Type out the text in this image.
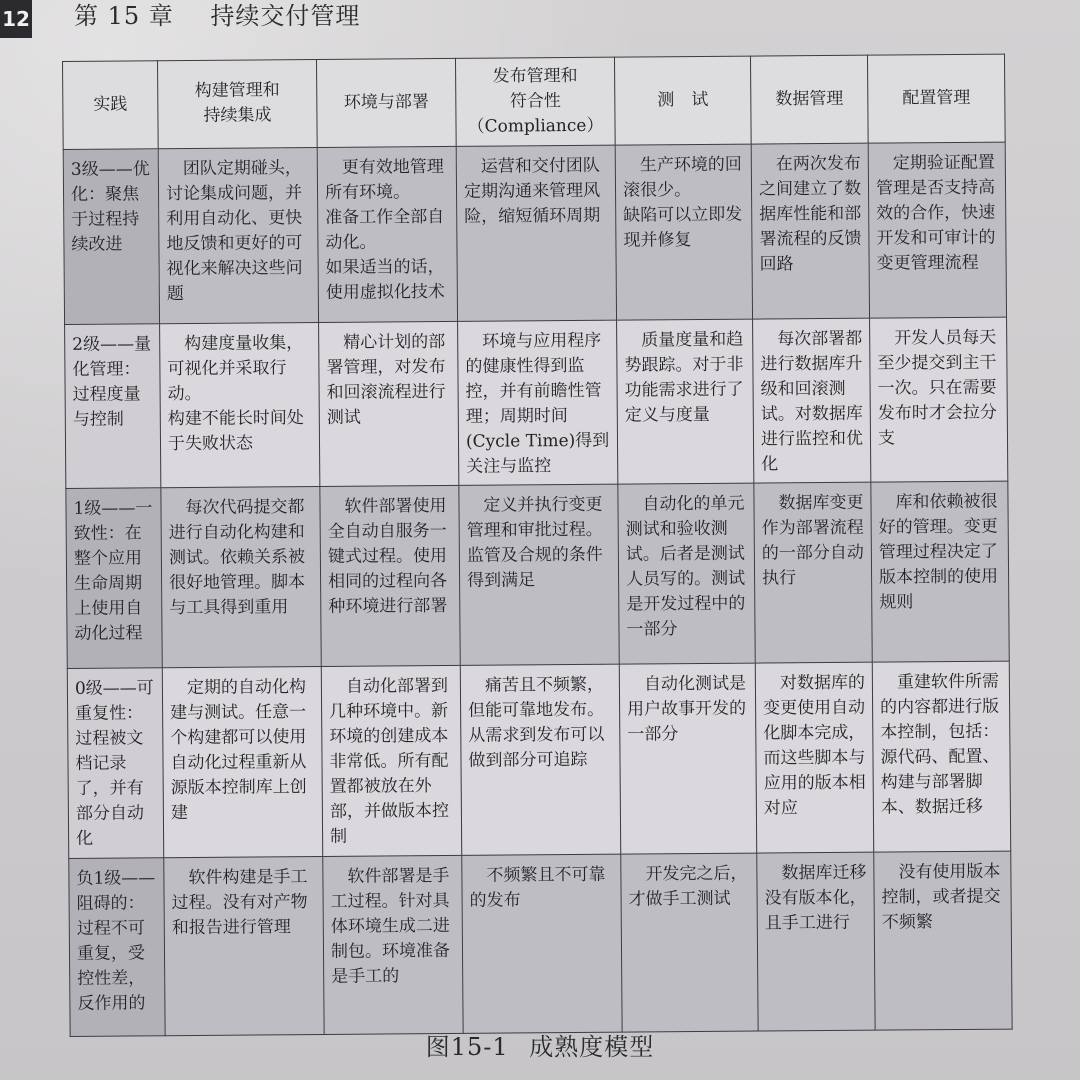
12 第 15 章 持续交付管理
实践	构建管理和
持续集成	环境与部署	发布管理和
符合性
（Compliance）	测　试	数据管理	配置管理

3级——优化：聚焦于过程持续改进	团队定期碰头，讨论集成问题，并利用自动化、更快地反馈和更好的可视化来解决这些问题	更有效地管理所有环境。
准备工作全部自动化。
如果适当的话，使用虚拟化技术	运营和交付团队定期沟通来管理风险，缩短循环周期	生产环境的回滚很少。
缺陷可以立即发现并修复	在两次发布之间建立了数据库性能和部署流程的反馈回路	定期验证配置管理是否支持高效的合作，快速开发和可审计的变更管理流程

2级——量化管理：过程度量与控制	构建度量收集，可视化并采取行动。
构建不能长时间处于失败状态	精心计划的部署管理，对发布和回滚流程进行测试	环境与应用程序的健康性得到监控，并有前瞻性管理；周期时间(Cycle Time)得到关注与监控	质量度量和趋势跟踪。对于非功能需求进行了定义与度量	每次部署都进行数据库升级和回滚测试。对数据库进行监控和优化	开发人员每天至少提交到主干一次。只在需要发布时才会拉分支

1级——一致性：在整个应用生命周期上使用自动化过程	每次代码提交都进行自动化构建和测试。依赖关系被很好地管理。脚本与工具得到重用	软件部署使用全自动自服务一键式过程。使用相同的过程向各种环境进行部署	定义并执行变更管理和审批过程。监管及合规的条件得到满足	自动化的单元测试和验收测试。后者是测试人员写的。测试是开发过程中的一部分	数据库变更作为部署流程的一部分自动执行	库和依赖被很好的管理。变更管理过程决定了版本控制的使用规则

0级——可重复性：过程被文档记录了，并有部分自动化	定期的自动化构建与测试。任意一个构建都可以使用自动化过程重新从源版本控制库上创建	自动化部署到几种环境中。新环境的创建成本非常低。所有配置都被放在外部，并做版本控制	痛苦且不频繁，但能可靠地发布。从需求到发布可以做到部分可追踪	自动化测试是用户故事开发的一部分	对数据库的变更使用自动化脚本完成，而这些脚本与应用的版本相对应	重建软件所需的内容都进行版本控制，包括：源代码、配置、构建与部署脚本、数据迁移

负1级——阻碍的：过程不可重复，受控性差，反作用的	软件构建是手工过程。没有对产物和报告进行管理	软件部署是手工过程。针对具体环境生成二进制包。环境准备是手工的	不频繁且不可靠的发布	开发完之后，才做手工测试	数据库迁移没有版本化，且手工进行	没有使用版本控制，或者提交不频繁
图15-1 成熟度模型
